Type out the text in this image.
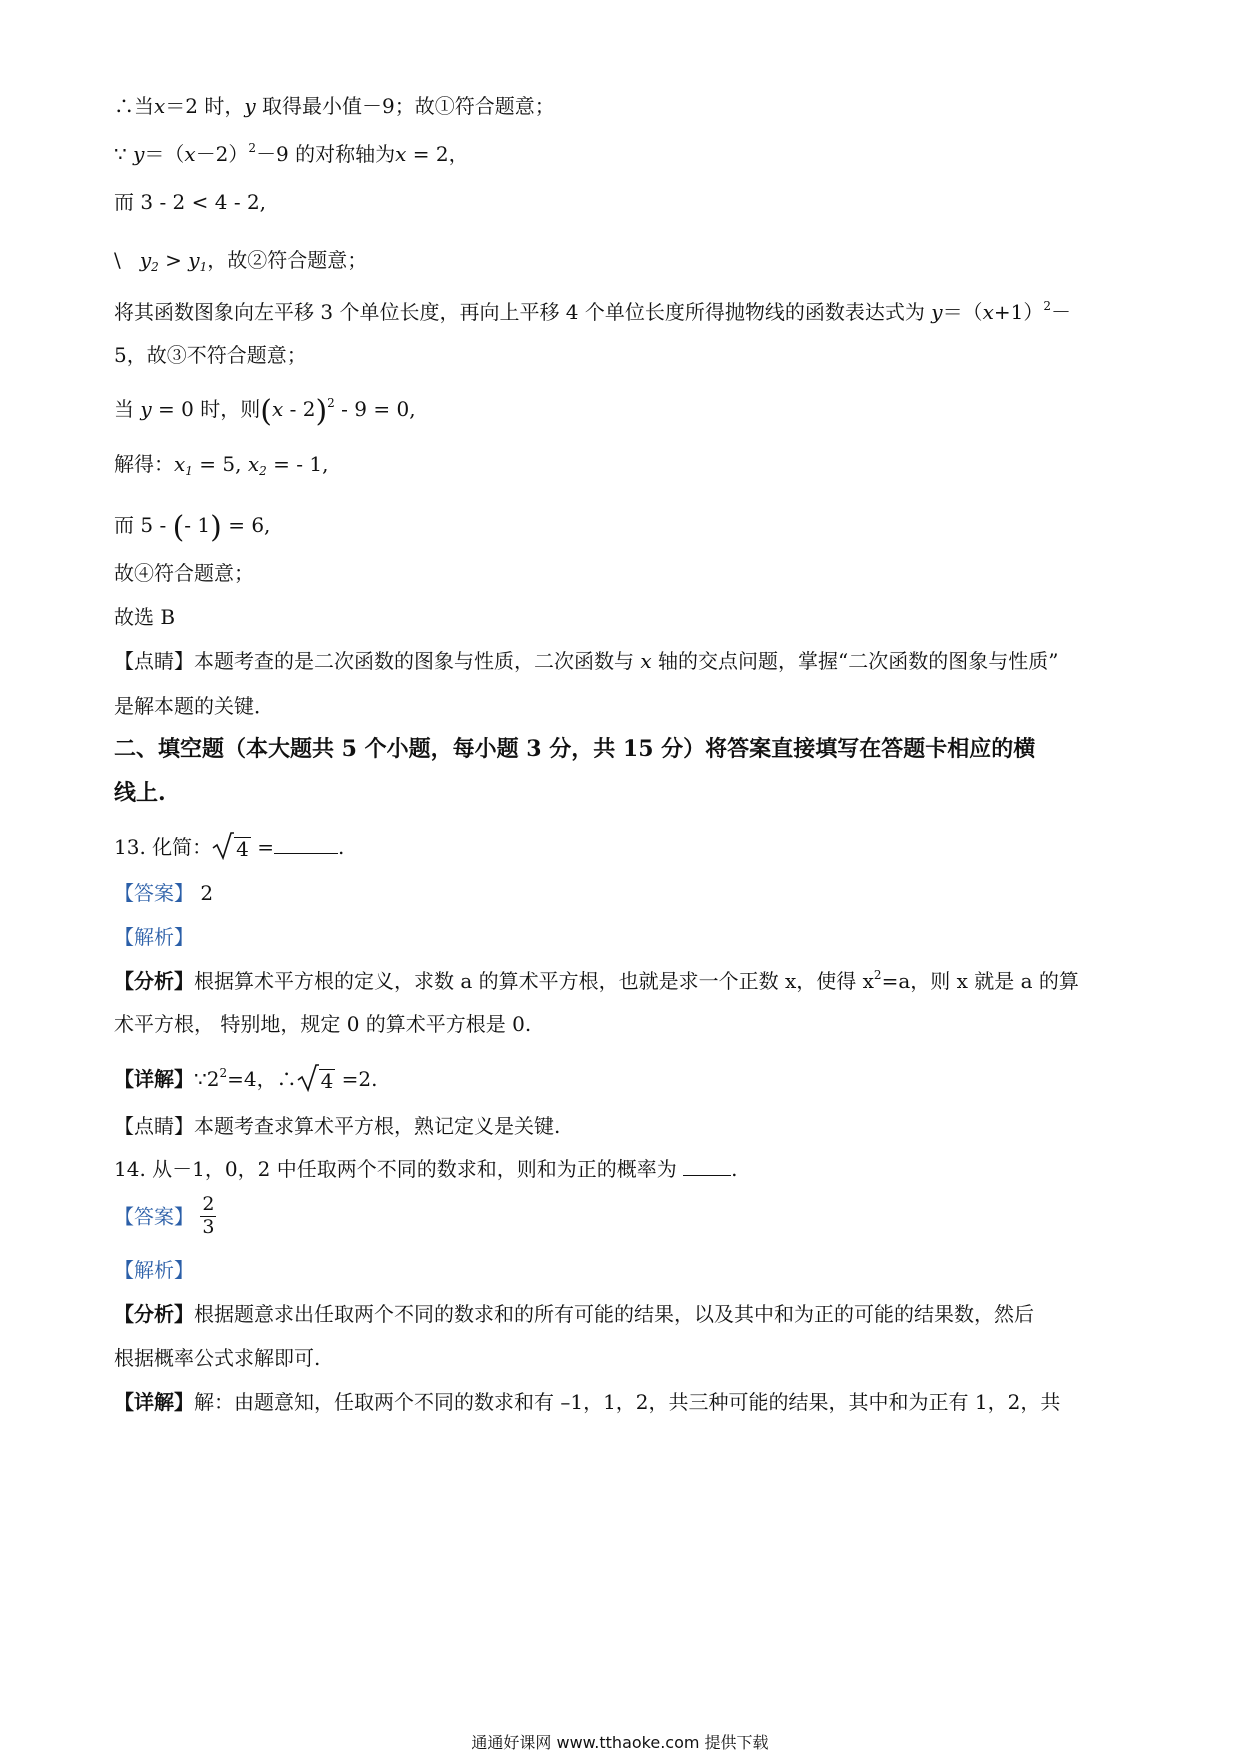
∴当x＝2 时，y 取得最小值－9；故①符合题意；
∵ $y=(x-2)^2-9$ 的对称轴为x = 2，
而 3 - 2 < 4 - 2,
\ $y_2 > y_1$，故②符合题意；
将其函数图象向左平移 3 个单位长度，再向上平移 4 个单位长度所得抛物线的函数表达式为 $y=(x+1)^2-$
5，故③不符合题意；
当 y = 0 时，则(x - 2)$^2$ - 9 = 0,
解得：$x_1 = 5$, $x_2$ = - 1,
而 5 - (- 1) = 6,
故④符合题意；
故选 B
【点睛】本题考查的是二次函数的图象与性质，二次函数与 x 轴的交点问题，掌握“二次函数的图象与性质”
是解本题的关键．
二、填空题（本大题共 5 个小题，每小题 3 分，共 15 分）将答案直接填写在答题卡相应的横
线上.
13. 化简： 4 =	.
【答案】 2
【解析】
【分析】根据算术平方根的定义，求数 a 的算术平方根，也就是求一个正数 x，使得 $x^2=a$，则 x 就是 a 的算
术平方根， 特别地，规定 0 的算术平方根是 0.
【详解】$\because 2^2=4$，∴ 4 =2.
【点睛】本题考查求算术平方根，熟记定义是关键.
14. 从－1，0，2 中任取两个不同的数求和，则和为正的概率为	.
【答案】 $\frac{2}{3}$
【解析】
【分析】根据题意求出任取两个不同的数求和的所有可能的结果，以及其中和为正的可能的结果数，然后
根据概率公式求解即可.
【详解】解：由题意知，任取两个不同的数求和有 –1，1，2，共三种可能的结果，其中和为正有 1，2，共
通通好课网 www.tthaoke.com 提供下载
